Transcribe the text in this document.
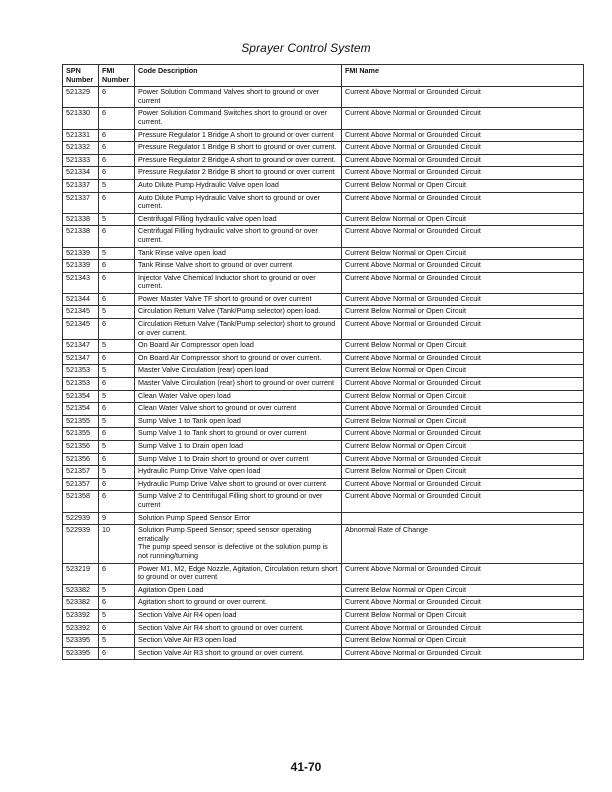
Sprayer Control System
SPN Number	FMI Number	Code Description	FMI Name
521329	6	Power Solution Command Valves short to ground or over current	Current Above Normal or Grounded Circuit
521330	6	Power Solution Command Switches short to ground or over current.	Current Above Normal or Grounded Circuit
521331	6	Pressure Regulator 1 Bridge A short to ground or over current	Current Above Normal or Grounded Circuit
521332	6	Pressure Regulator 1 Bridge B short to ground or over current.	Current Above Normal or Grounded Circuit
521333	6	Pressure Regulator 2 Bridge A short to ground or over current.	Current Above Normal or Grounded Circuit
521334	6	Pressure Regulator 2 Bridge B short to ground or over current	Current Above Normal or Grounded Circuit
521337	5	Auto Dilute Pump Hydraulic Valve open load	Current Below Normal or Open Circuit
521337	6	Auto Dilute Pump Hydraulic Valve short to ground or over current.	Current Above Normal or Grounded Circuit
521338	5	Centrifugal Filling hydraulic valve open load	Current Below Normal or Open Circuit
521338	6	Centrifugal Filling hydraulic valve short to ground or over current.	Current Above Normal or Grounded Circuit
521339	5	Tank Rinse valve open load	Current Below Normal or Open Circuit
521339	6	Tank Rinse Valve short to ground or over current	Current Above Normal or Grounded Circuit
521343	6	Injector Valve Chemical Inductor short to ground or over current.	Current Above Normal or Grounded Circuit
521344	6	Power Master Valve TF short to ground or over current	Current Above Normal or Grounded Circuit
521345	5	Circulation Return Valve (Tank/Pump selector) open load.	Current Below Normal or Open Circuit
521345	6	Circulation Return Valve (Tank/Pump selector) short to ground or over current.	Current Above Normal or Grounded Circuit
521347	5	On Board Air Compressor open load	Current Below Normal or Open Circuit
521347	6	On Board Air Compressor short to ground or over current.	Current Above Normal or Grounded Circuit
521353	5	Master Valve Circulation (rear) open load	Current Below Normal or Open Circuit
521353	6	Master Valve Circulation (rear) short to ground or over current	Current Above Normal or Grounded Circuit
521354	5	Clean Water Valve open load	Current Below Normal or Open Circuit
521354	6	Clean Water Valve short to ground or over current	Current Above Normal or Grounded Circuit
521355	5	Sump Valve 1 to Tank open load	Current Below Normal or Open Circuit
521355	6	Sump Valve 1 to Tank short to ground or over current	Current Above Normal or Grounded Circuit
521356	5	Sump Valve 1 to Drain open load	Current Below Normal or Open Circuit
521356	6	Sump Valve 1 to Drain short to ground or over current	Current Above Normal or Grounded Circuit
521357	5	Hydraulic Pump Drive Valve open load	Current Below Normal or Open Circuit
521357	6	Hydraulic Pump Drive Valve short to ground or over current	Current Above Normal or Grounded Circuit
521358	6	Sump Valve 2 to Centrifugal Filling short to ground or over current	Current Above Normal or Grounded Circuit
522939	9	Solution Pump Speed Sensor Error	
522939	10	Solution Pump Speed Sensor; speed sensor operating erratically
The pump speed sensor is defective or the solution pump is not running/turning	Abnormal Rate of Change
523219	6	Power M1, M2, Edge Nozzle, Agitation, Circulation return short to ground or over current	Current Above Normal or Grounded Circuit
523382	5	Agitation Open Load	Current Below Normal or Open Circuit
523382	6	Agitation short to ground or over current.	Current Above Normal or Grounded Circuit
523392	5	Section Valve Air R4 open load	Current Below Normal or Open Circuit
523392	6	Section Valve Air R4 short to ground or over current.	Current Above Normal or Grounded Circuit
523395	5	Section Valve Air R3 open load	Current Below Normal or Open Circuit
523395	6	Section Valve Air R3 short to ground or over current.	Current Above Normal or Grounded Circuit
41-70
